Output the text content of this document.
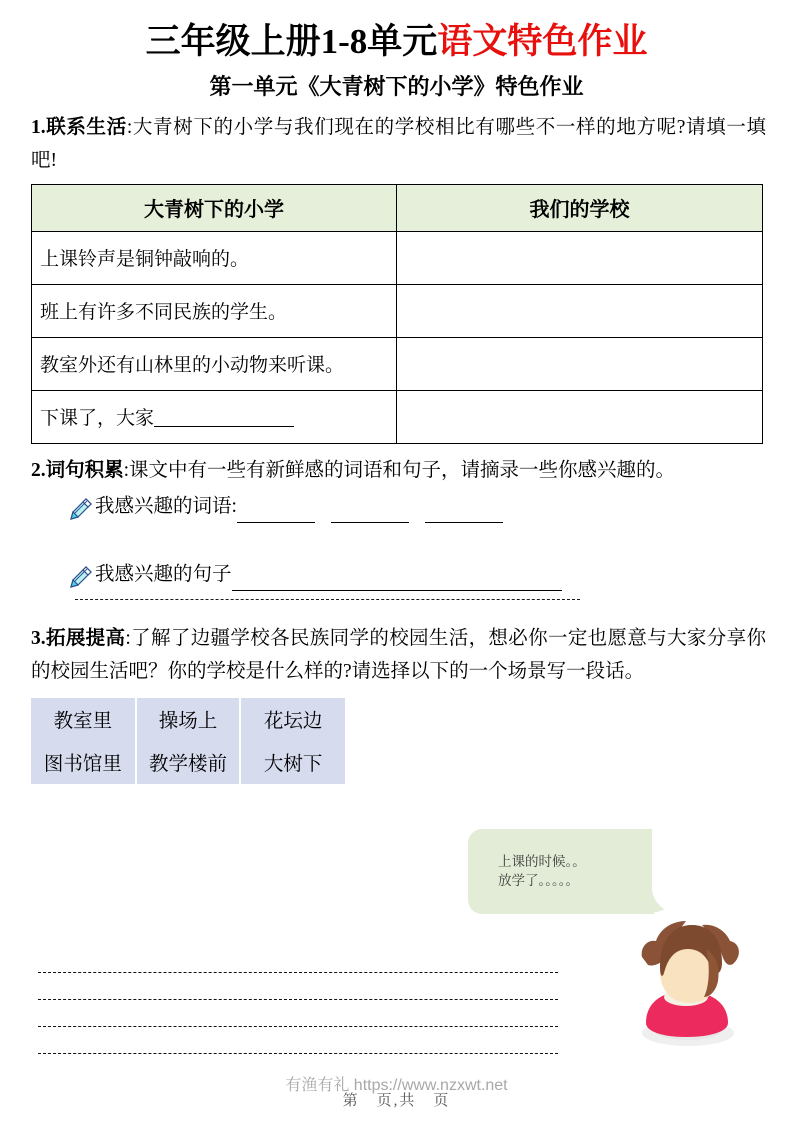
三年级上册1-8单元语文特色作业
第一单元《大青树下的小学》特色作业

1.联系生活:大青树下的小学与我们现在的学校相比有哪些不一样的地方呢?请填一填吧!

大青树下的小学	我们的学校
上课铃声是铜钟敲响的。	
班上有许多不同民族的学生。	
教室外还有山林里的小动物来听课。	
下课了，大家	

2.词句积累:课文中有一些有新鲜感的词语和句子，请摘录一些你感兴趣的。

我感兴趣的词语:
我感兴趣的句子

3.拓展提高:了解了边疆学校各民族同学的校园生活，想必你一定也愿意与大家分享你的校园生活吧？你的学校是什么样的?请选择以下的一个场景写一段话。

教室里	操场上	花坛边
图书馆里	教学楼前	大树下
上课的时候。。
放学了。。。。。
有渔有礼 https://www.nzxwt.net
第　页,共　页
